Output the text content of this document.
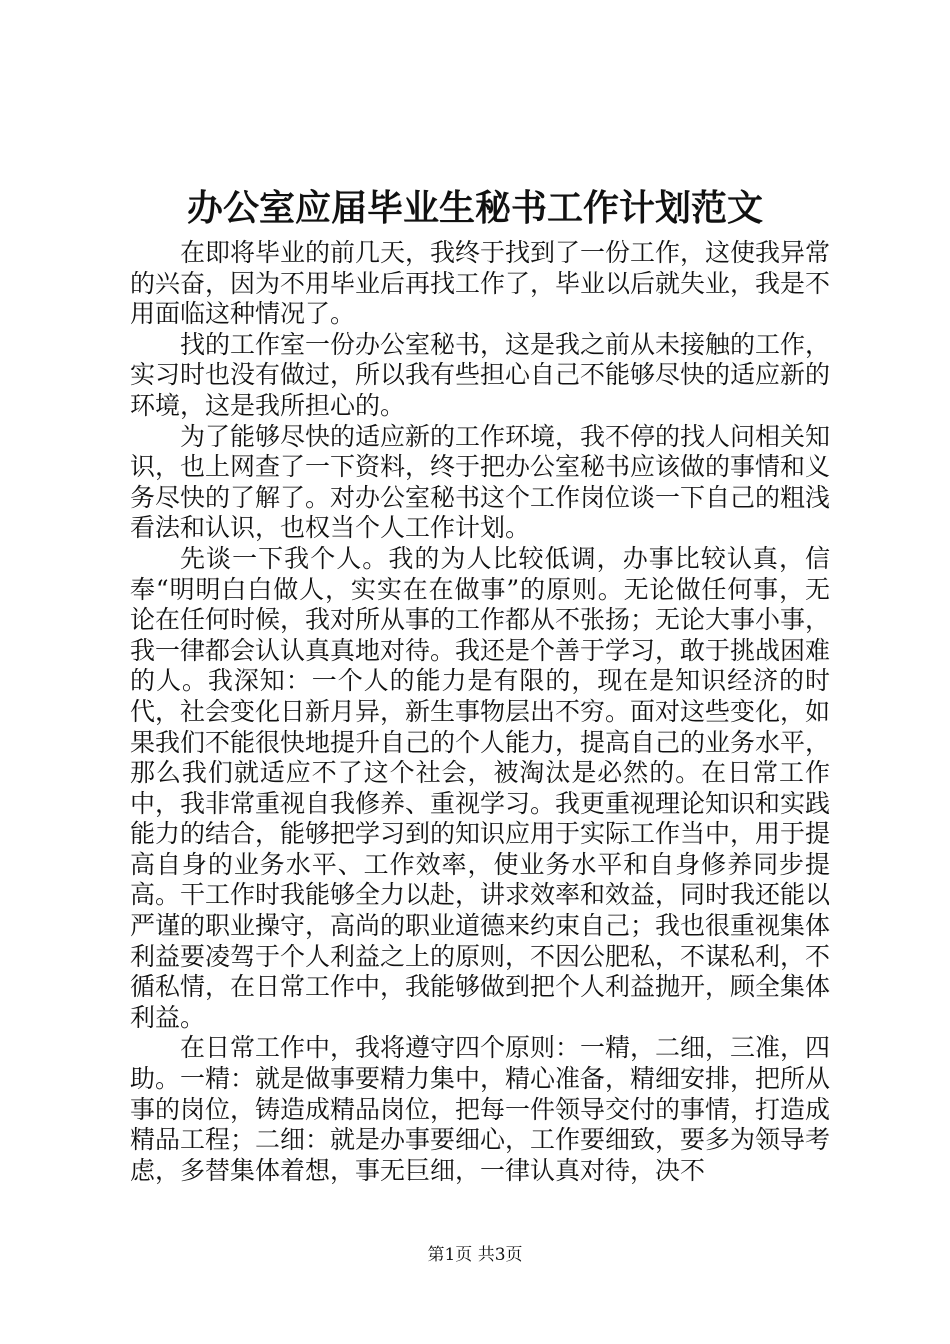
办公室应届毕业生秘书工作计划范文

在即将毕业的前几天，我终于找到了一份工作，这使我异常的兴奋，因为不用毕业后再找工作了，毕业以后就失业，我是不用面临这种情况了。

找的工作室一份办公室秘书，这是我之前从未接触的工作，实习时也没有做过，所以我有些担心自己不能够尽快的适应新的环境，这是我所担心的。

为了能够尽快的适应新的工作环境，我不停的找人问相关知识，也上网查了一下资料，终于把办公室秘书应该做的事情和义务尽快的了解了。对办公室秘书这个工作岗位谈一下自己的粗浅看法和认识，也权当个人工作计划。

先谈一下我个人。我的为人比较低调，办事比较认真，信奉“明明白白做人，实实在在做事”的原则。无论做任何事，无论在任何时候，我对所从事的工作都从不张扬；无论大事小事，我一律都会认认真真地对待。我还是个善于学习，敢于挑战困难的人。我深知：一个人的能力是有限的，现在是知识经济的时代，社会变化日新月异，新生事物层出不穷。面对这些变化，如果我们不能很快地提升自己的个人能力，提高自己的业务水平，那么我们就适应不了这个社会，被淘汰是必然的。在日常工作中，我非常重视自我修养、重视学习。我更重视理论知识和实践能力的结合，能够把学习到的知识应用于实际工作当中，用于提高自身的业务水平、工作效率，使业务水平和自身修养同步提高。干工作时我能够全力以赴，讲求效率和效益，同时我还能以严谨的职业操守，高尚的职业道德来约束自己；我也很重视集体利益要凌驾于个人利益之上的原则，不因公肥私，不谋私利，不循私情，在日常工作中，我能够做到把个人利益抛开，顾全集体利益。

在日常工作中，我将遵守四个原则：一精，二细，三准，四助。一精：就是做事要精力集中，精心准备，精细安排，把所从事的岗位，铸造成精品岗位，把每一件领导交付的事情，打造成精品工程；二细：就是办事要细心，工作要细致，要多为领导考虑，多替集体着想，事无巨细，一律认真对待，决不

第1页 共3页
